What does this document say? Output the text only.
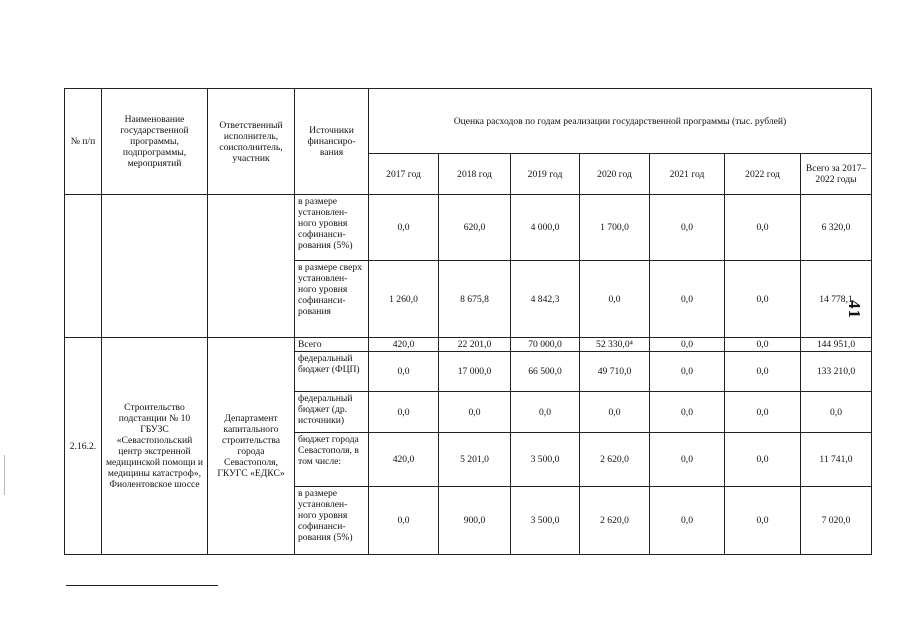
41
№ п/п	Наименование государственной программы, подпрограммы, мероприятий	Ответственный исполнитель, соисполнитель, участник	Источники финансиро-вания	Оценка расходов по годам реализации государственной программы (тыс. рублей)						
				2017 год	2018 год	2019 год	2020 год	2021 год	2022 год	Всего за 2017–2022 годы
			в размере установлен-ного уровня софинанси-рования (5%)	0,0	620,0	4 000,0	1 700,0	0,0	0,0	6 320,0
			в размере сверх установлен-ного уровня софинанси-рования	1 260,0	8 675,8	4 842,3	0,0	0,0	0,0	14 778,1
2.16.2.	Строительство подстанции № 10 ГБУЗС «Севастопольский центр экстренной медицинской помощи и медицины катастроф», Фиолентовское шоссе	Департамент капитального строительства города Севастополя, ГКУГС «ЕДКС»	Всего	420,0	22 201,0	70 000,0	52 330,0⁴	0,0	0,0	144 951,0
			федеральный бюджет (ФЦП)	0,0	17 000,0	66 500,0	49 710,0	0,0	0,0	133 210,0
			федеральный бюджет (др. источники)	0,0	0,0	0,0	0,0	0,0	0,0	0,0
			бюджет города Севастополя, в том числе:	420,0	5 201,0	3 500,0	2 620,0	0,0	0,0	11 741,0
			в размере установлен-ного уровня софинанси-рования (5%)	0,0	900,0	3 500,0	2 620,0	0,0	0,0	7 020,0
